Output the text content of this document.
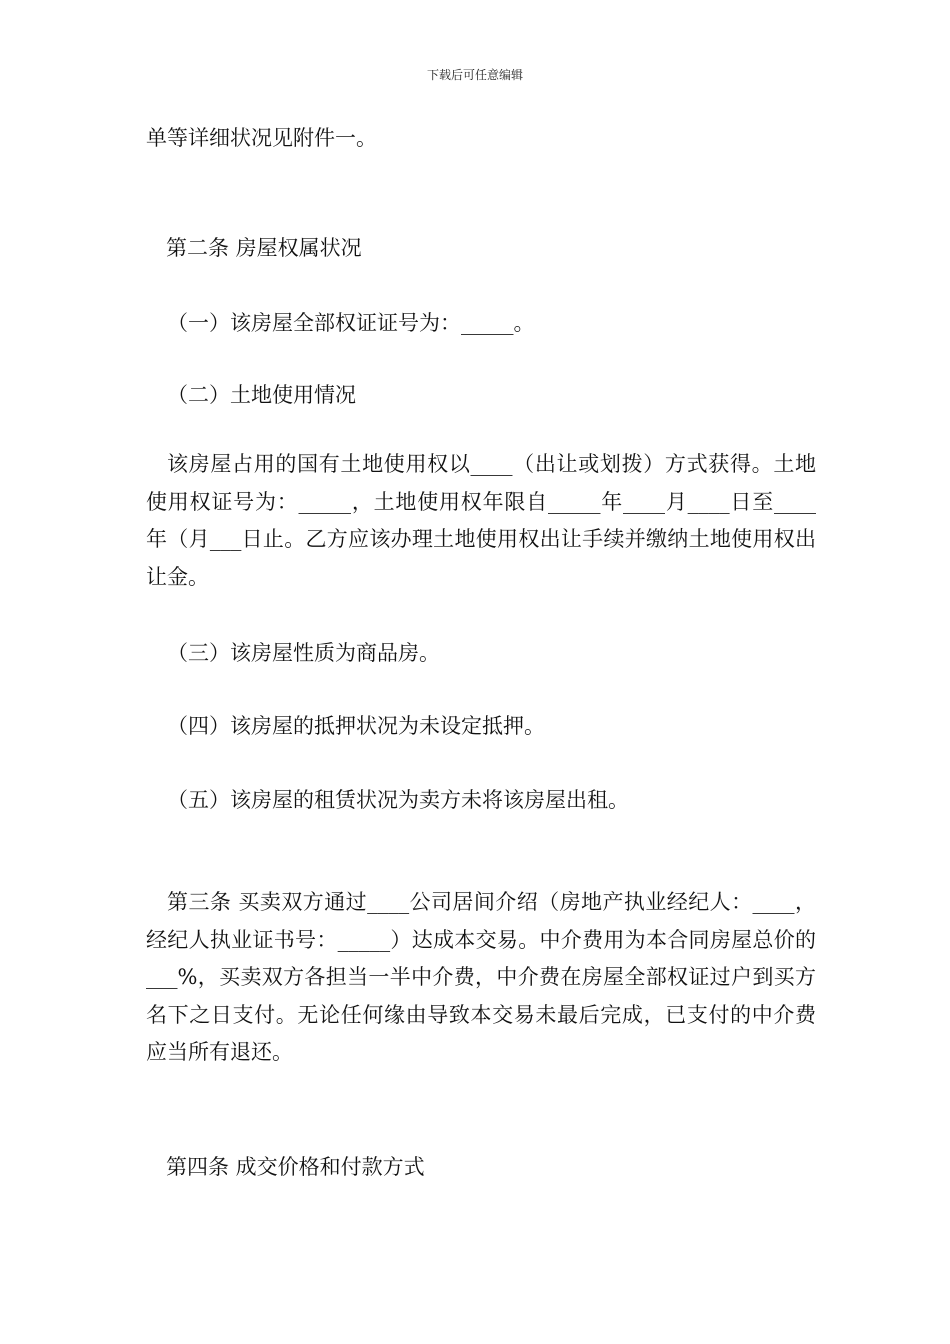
下载后可任意编辑
单等详细状况见附件一。
第二条 房屋权属状况
（一）该房屋全部权证证号为：_____。
（二）土地使用情况
该房屋占用的国有土地使用权以____（出让或划拨）方式获得。土地使用权证号为：_____，土地使用权年限自_____年____月____日至____年（月___日止。乙方应该办理土地使用权出让手续并缴纳土地使用权出让金。
（三）该房屋性质为商品房。
（四）该房屋的抵押状况为未设定抵押。
（五）该房屋的租赁状况为卖方未将该房屋出租。
第三条 买卖双方通过____公司居间介绍（房地产执业经纪人：____，经纪人执业证书号：_____）达成本交易。中介费用为本合同房屋总价的___%，买卖双方各担当一半中介费，中介费在房屋全部权证过户到买方名下之日支付。无论任何缘由导致本交易未最后完成，已支付的中介费应当所有退还。
第四条 成交价格和付款方式
